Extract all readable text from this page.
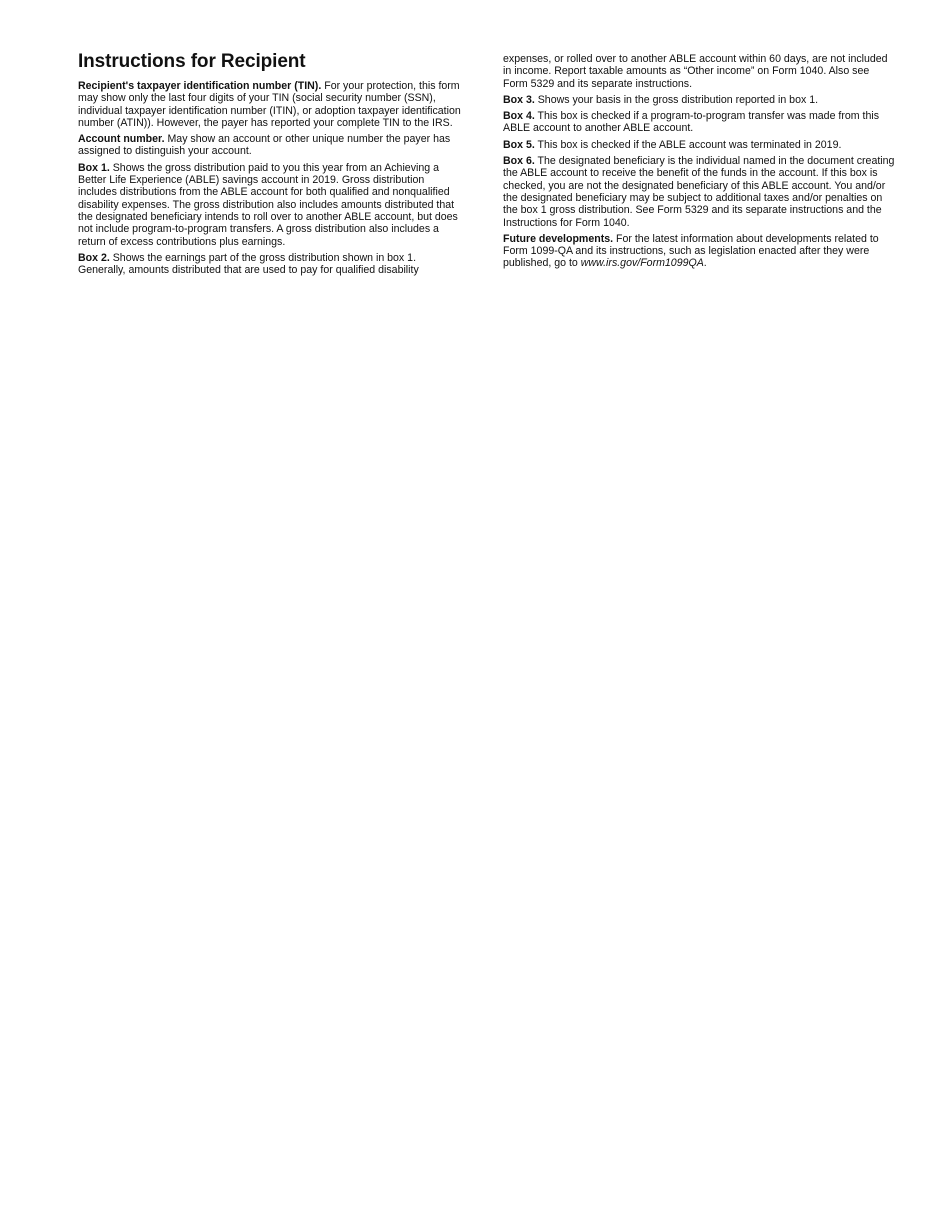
Instructions for Recipient

Recipient's taxpayer identification number (TIN). For your protection, this form may show only the last four digits of your TIN (social security number (SSN), individual taxpayer identification number (ITIN), or adoption taxpayer identification number (ATIN)). However, the payer has reported your complete TIN to the IRS.

Account number. May show an account or other unique number the payer has assigned to distinguish your account.

Box 1. Shows the gross distribution paid to you this year from an Achieving a Better Life Experience (ABLE) savings account in 2019. Gross distribution includes distributions from the ABLE account for both qualified and nonqualified disability expenses. The gross distribution also includes amounts distributed that the designated beneficiary intends to roll over to another ABLE account, but does not include program-to-program transfers. A gross distribution also includes a return of excess contributions plus earnings.

Box 2. Shows the earnings part of the gross distribution shown in box 1. Generally, amounts distributed that are used to pay for qualified disability

expenses, or rolled over to another ABLE account within 60 days, are not included in income. Report taxable amounts as “Other income” on Form 1040. Also see Form 5329 and its separate instructions.

Box 3. Shows your basis in the gross distribution reported in box 1.

Box 4. This box is checked if a program-to-program transfer was made from this ABLE account to another ABLE account.

Box 5. This box is checked if the ABLE account was terminated in 2019.

Box 6. The designated beneficiary is the individual named in the document creating the ABLE account to receive the benefit of the funds in the account. If this box is checked, you are not the designated beneficiary of this ABLE account. You and/or the designated beneficiary may be subject to additional taxes and/or penalties on the box 1 gross distribution. See Form 5329 and its separate instructions and the Instructions for Form 1040.

Future developments. For the latest information about developments related to Form 1099-QA and its instructions, such as legislation enacted after they were published, go to www.irs.gov/Form1099QA.
